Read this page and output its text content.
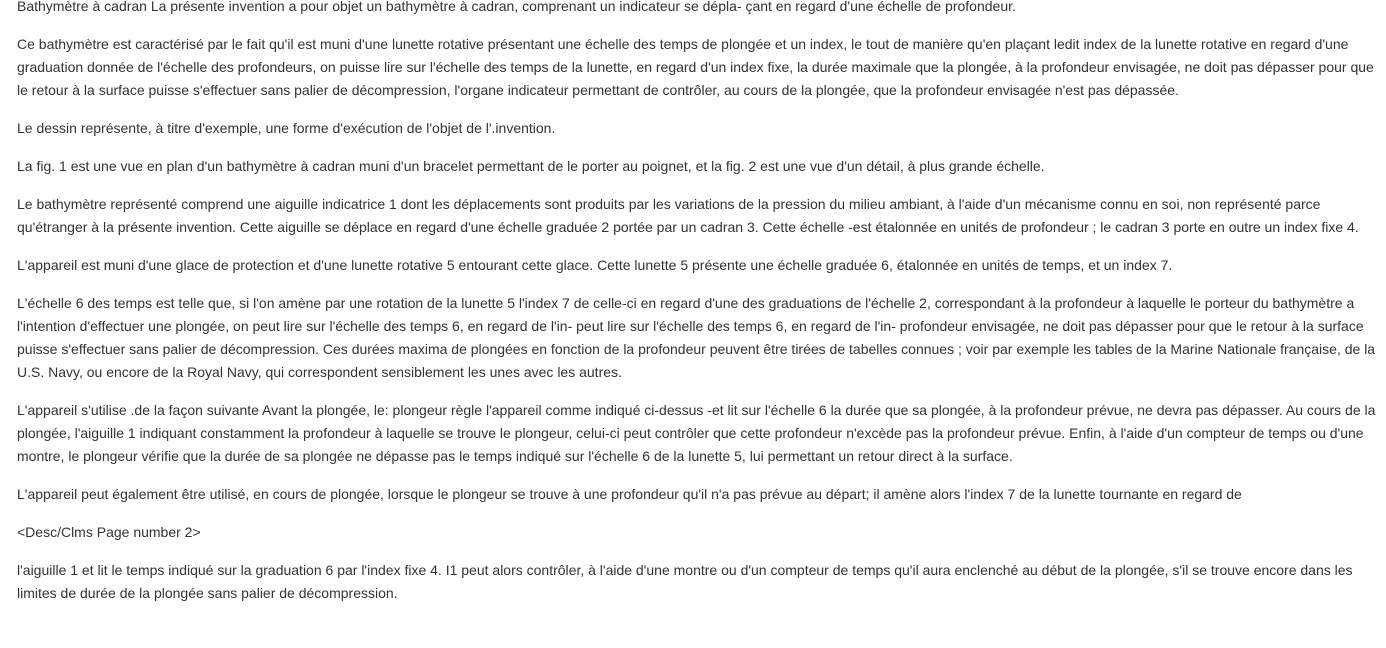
Bathymètre à cadran La présente invention a pour objet un bathymètre à cadran, comprenant un indicateur se dépla- çant en regard d'une échelle de profondeur.

Ce bathymètre est caractérisé par le fait qu'il est muni d'une lunette rotative présentant une échelle des temps de plongée et un index, le tout de manière qu'en plaçant ledit index de la lunette rotative en regard d'une graduation donnée de l'échelle des profondeurs, on puisse lire sur l'échelle des temps de la lunette, en regard d'un index fixe, la durée maximale que la plongée, à la profondeur envisagée, ne doit pas dépasser pour que le retour à la surface puisse s'effectuer sans palier de décompression, l'organe indicateur permettant de contrôler, au cours de la plongée, que la profondeur envisagée n'est pas dépassée.

Le dessin représente, à titre d'exemple, une forme d'exécution de l'objet de l'.invention.

La fig. 1 est une vue en plan d'un bathymètre à cadran muni d'un bracelet permettant de le porter au poignet, et la fig. 2 est une vue d'un détail, à plus grande échelle.

Le bathymètre représenté comprend une aiguille indicatrice 1 dont les déplacements sont produits par les variations de la pression du milieu ambiant, à l'aide d'un mécanisme connu en soi, non représenté parce qu'étranger à la présente invention. Cette aiguille se déplace en regard d'une échelle graduée 2 portée par un cadran 3. Cette échelle -est étalonnée en unités de profondeur ; le cadran 3 porte en outre un index fixe 4.

L'appareil est muni d'une glace de protection et d'une lunette rotative 5 entourant cette glace. Cette lunette 5 présente une échelle graduée 6, étalonnée en unités de temps, et un index 7.

L'échelle 6 des temps est telle que, si l'on amène par une rotation de la lunette 5 l'index 7 de celle-ci en regard d'une des graduations de l'échelle 2, correspondant à la profondeur à laquelle le porteur du bathymètre a l'intention d'effectuer une plongée, on peut lire sur l'échelle des temps 6, en regard de l'in- peut lire sur l'échelle des temps 6, en regard de l'in- profondeur envisagée, ne doit pas dépasser pour que le retour à la surface puisse s'effectuer sans palier de décompression. Ces durées maxima de plongées en fonction de la profondeur peuvent être tirées de tabelles connues ; voir par exemple les tables de la Marine Nationale française, de la U.S. Navy, ou encore de la Royal Navy, qui correspondent sensiblement les unes avec les autres.

L'appareil s'utilise .de la façon suivante Avant la plongée, le: plongeur règle l'appareil comme indiqué ci-dessus -et lit sur l'échelle 6 la durée que sa plongée, à la profondeur prévue, ne devra pas dépasser. Au cours de la plongée, l'aiguille 1 indiquant constamment la profondeur à laquelle se trouve le plongeur, celui-ci peut contrôler que cette profondeur n'excède pas la profondeur prévue. Enfin, à l'aide d'un compteur de temps ou d'une montre, le plongeur vérifie que la durée de sa plongée ne dépasse pas le temps indiqué sur l'échelle 6 de la lunette 5, lui permettant un retour direct à la surface.

L'appareil peut également être utilisé, en cours de plongée, lorsque le plongeur se trouve à une profondeur qu'il n'a pas prévue au départ; il amène alors l'index 7 de la lunette tournante en regard de

<Desc/Clms Page number 2>

l'aiguille 1 et lit le temps indiqué sur la graduation 6 par l'index fixe 4. I1 peut alors contrôler, à l'aide d'une montre ou d'un compteur de temps qu'il aura enclenché au début de la plongée, s'il se trouve encore dans les limites de durée de la plongée sans palier de décompression.
